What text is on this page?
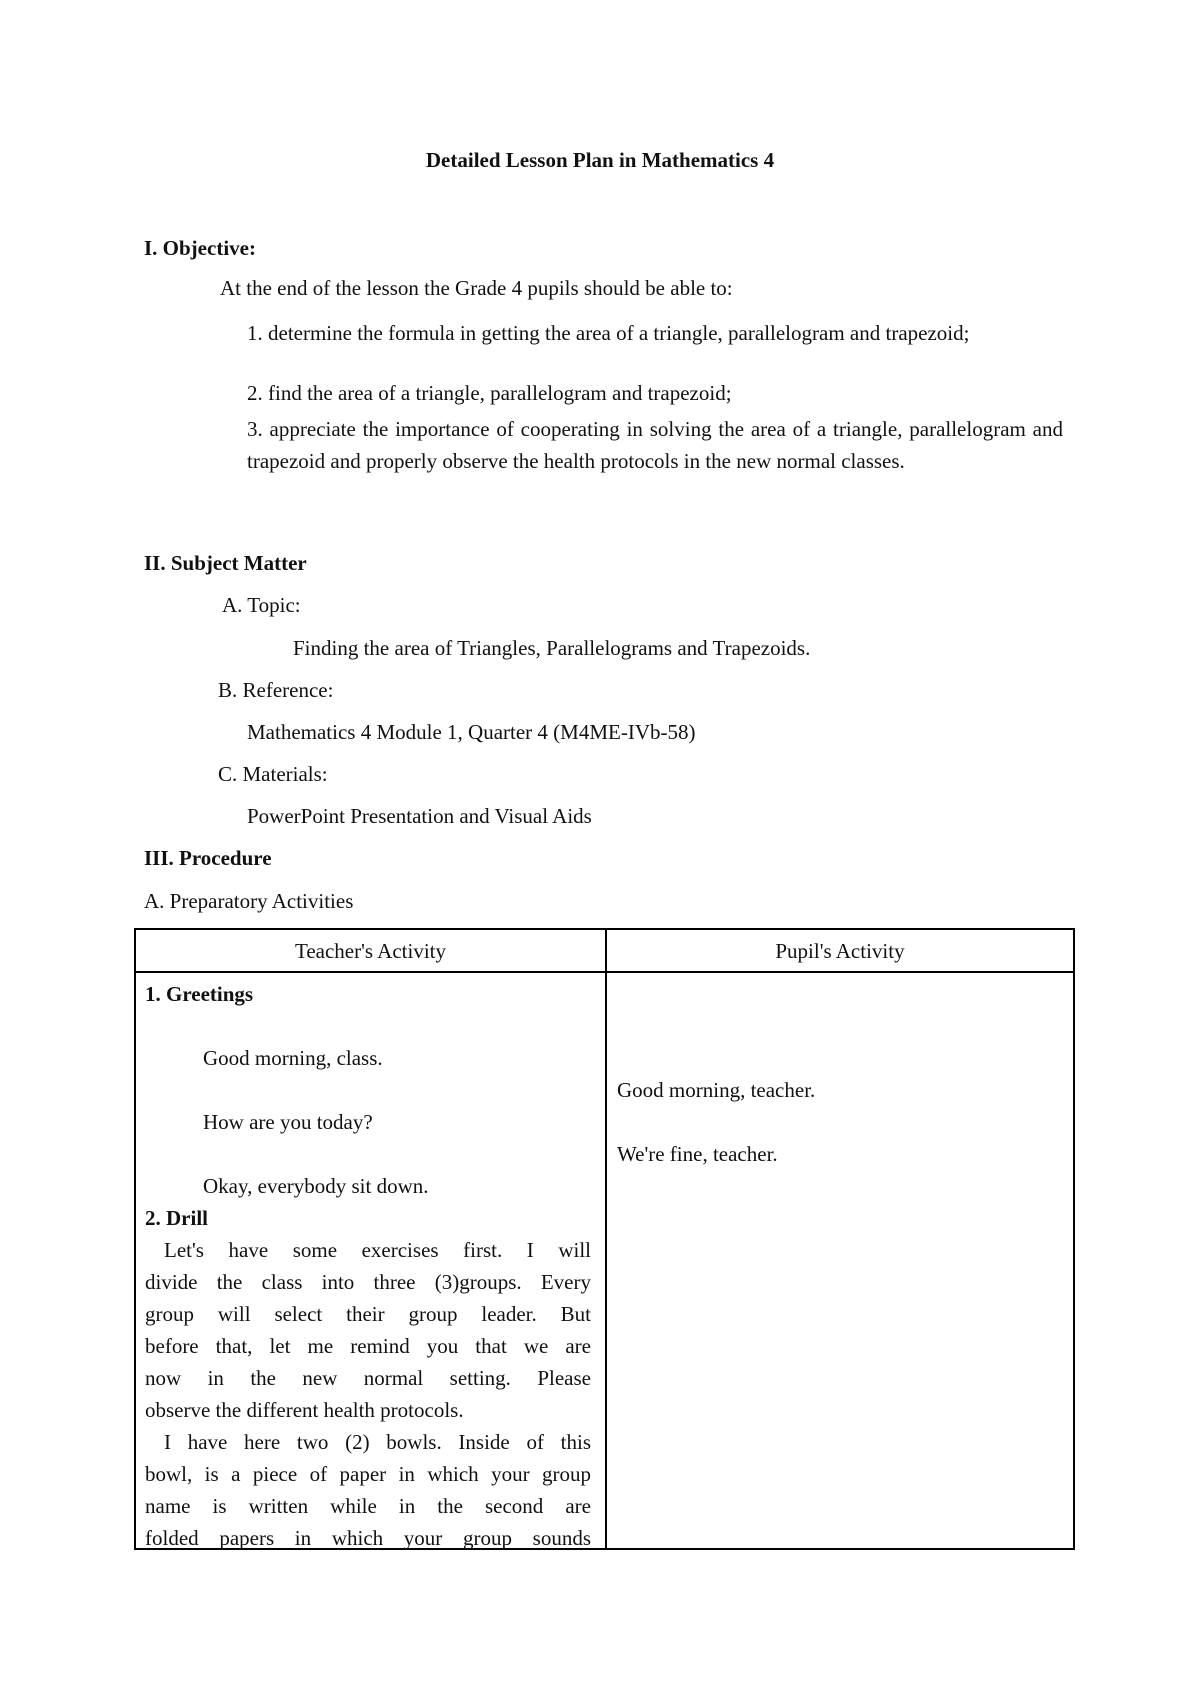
Detailed Lesson Plan in Mathematics 4
I. Objective:
At the end of the lesson the Grade 4 pupils should be able to:
1. determine the formula in getting the area of a triangle, parallelogram and trapezoid;
2. find the area of a triangle, parallelogram and trapezoid;
3. appreciate the importance of cooperating in solving the area of a triangle, parallelogram and trapezoid and properly observe the health protocols in the new normal classes.
II. Subject Matter
A. Topic:
Finding the area of Triangles, Parallelograms and Trapezoids.
B. Reference:
Mathematics 4 Module 1, Quarter 4 (M4ME-IVb-58)
C. Materials:
PowerPoint Presentation and Visual Aids
III. Procedure
A. Preparatory Activities
Teacher's Activity	Pupil's Activity
1. Greetings
Good morning, class.
How are you today?
Okay, everybody sit down.
2. Drill
Let's have some exercises first. I will
divide the class into three (3)groups. Every
group will select their group leader. But
before that, let me remind you that we are
now in the new normal setting. Please
observe the different health protocols.
I have here two (2) bowls. Inside of this
bowl, is a piece of paper in which your group
name is written while in the second are
folded papers in which your group sounds
Good morning, teacher.
We're fine, teacher.
